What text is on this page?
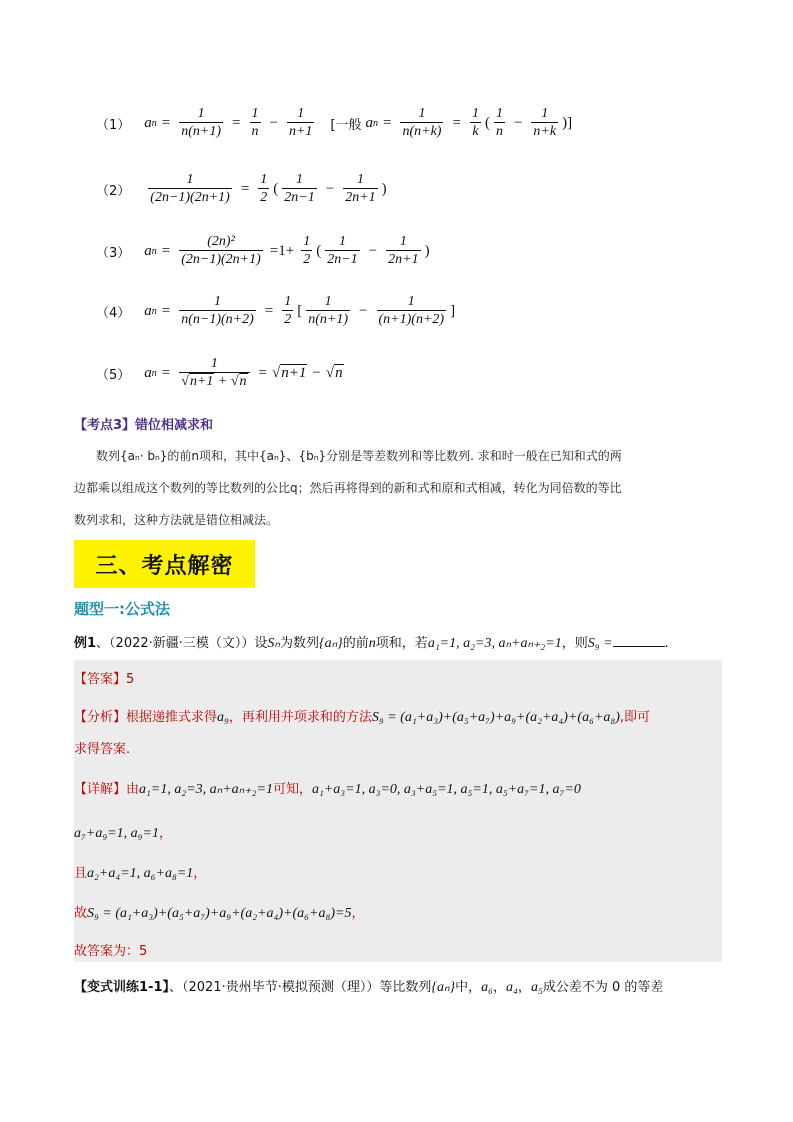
（1） a $n = \frac{1}{n(n+1)} = \frac{1}{n} - \frac{1}{n+1}$ [一般 a $n = \frac{1}{n(n+k)} = \frac{1}{k}$ ( $\frac{1}{n} - \frac{1}{n+k}$ )]
$(2) \frac{1}{(2n-1)(2n+1)} = \frac{1}{2}$ ( $\frac{1}{2n-1} - \frac{1}{2n+1}$ )
（3） a $n = \frac{\text{(2n)²}}{(2n-1)(2n+1)} =1+ \frac{1}{2}$ ( $\frac{1}{2n-1} - \frac{1}{2n+1}$ )
（4） a $n = \frac{1}{n(n-1)(n+2)} = \frac{1}{2}$ [ $\frac{1}{n(n+1)} - \frac{1}{(n+1)(n+2)}$ ]
（5） a $n = \frac{1}{√n+1 + √n} = √n+1 - √n$
【考点3】错位相减求和
数列{aₙ· bₙ}的前n项和，其中{aₙ}、{bₙ}分别是等差数列和等比数列. 求和时一般在已知和式的两
边都乘以组成这个数列的等比数列的公比q；然后再将得到的新和式和原和式相减，转化为同倍数的等比
数列求和，这种方法就是错位相减法。
三、考点解密
题型一:公式法
例1、（2022·新疆·三模（文））设Sₙ为数列{aₙ}的前n项和，若a₁=1, a₂=3, aₙ+aₙ₊₂=1，则S₉ =	.
【答案】5
【分析】根据递推式求得a₉，再利用并项求和的方法S₉ = (a₁+a₃)+(a₅+a₇)+a₉+(a₂+a₄)+(a₆+a₈),即可
求得答案.
【详解】由a₁=1, a₂=3, aₙ+aₙ₊₂=1可知，a₁+a₃=1, a₃=0, a₃+a₅=1, a₅=1, a₅+a₇=1, a₇=0
a₇+a₉=1, a₉=1，
且a₂+a₄=1, a₆+a₈=1，
故S₉ = (a₁+a₃)+(a₅+a₇)+a₉+(a₂+a₄)+(a₆+a₈)=5，
故答案为：5
【变式训练1-1】、（2021·贵州毕节·模拟预测（理））等比数列{aₙ}中，a₆，a₄，a₅成公差不为 0 的等差
